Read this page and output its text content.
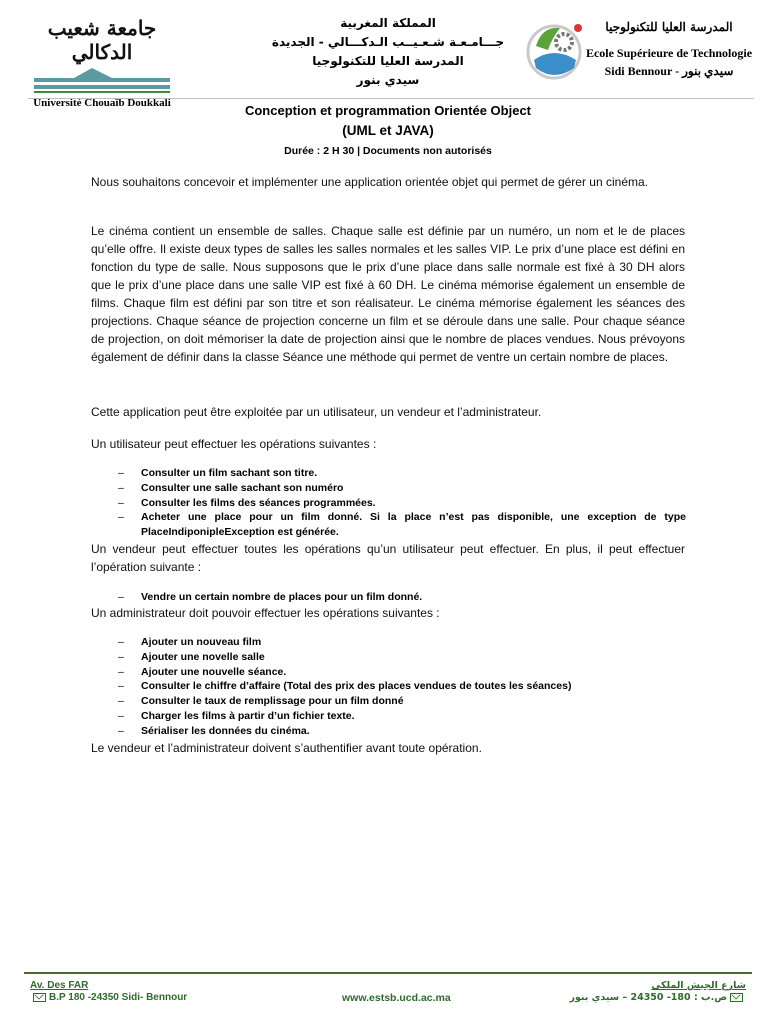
جامعة شعيب الدكالي
Université Chouaïb Doukkali
المملكة المغربية
جـــامـعـة شـعـيــب الـدكـــالي - الجديدة
المدرسة العليا للتكنولوجيا
سيدي بنور
المدرسة العليا للتكنولوجيا
Ecole Supérieure de Technologie
Sidi Bennour - سيدي بنور
Conception et programmation Orientée Object
(UML et JAVA)
Durée : 2 H 30 | Documents non autorisés

Nous souhaitons concevoir et implémenter une application orientée objet qui permet de gérer un cinéma.

Le cinéma contient un ensemble de salles. Chaque salle est définie par un numéro, un nom et le de places qu’elle offre. Il existe deux types de salles les salles normales et les salles VIP. Le prix d’une place est défini en fonction du type de salle. Nous supposons que le prix d’une place dans salle normale est fixé à 30 DH alors que le prix d’une place dans une salle VIP est fixé à 60 DH. Le cinéma mémorise également un ensemble de films. Chaque film est défini par son titre et son réalisateur. Le cinéma mémorise également les séances des projections. Chaque séance de projection concerne un film et se déroule dans une salle. Pour chaque séance de projection, on doit mémoriser la date de projection ainsi que le nombre de places vendues. Nous prévoyons également de définir dans la classe Séance une méthode qui permet de ventre un certain nombre de places.

Cette application peut être exploitée par un utilisateur, un vendeur et l’administrateur.

Un utilisateur peut effectuer les opérations suivantes :

– Consulter un film sachant son titre.
– Consulter une salle sachant son numéro
– Consulter les films des séances programmées.
– Acheter une place pour un film donné. Si la place n’est pas disponible, une exception de type PlaceIndiponipleException est générée.

Un vendeur peut effectuer toutes les opérations qu’un utilisateur peut effectuer. En plus, il peut effectuer l’opération suivante :

– Vendre un certain nombre de places pour un film donné.

Un administrateur doit pouvoir effectuer les opérations suivantes :

– Ajouter un nouveau film
– Ajouter une novelle salle
– Ajouter une nouvelle séance.
– Consulter le chiffre d’affaire (Total des prix des places vendues de toutes les séances)
– Consulter le taux de remplissage pour un film donné
– Charger les films à partir d’un fichier texte.
– Sérialiser les données du cinéma.

Le vendeur et l’administrateur doivent s’authentifier avant toute opération.

Av. Des FAR
B.P 180 -24350 Sidi- Bennour	www.estsb.ucd.ac.ma
شارع الجيش الملكي
ص.ب : 180- 24350 – سيدي بنور
